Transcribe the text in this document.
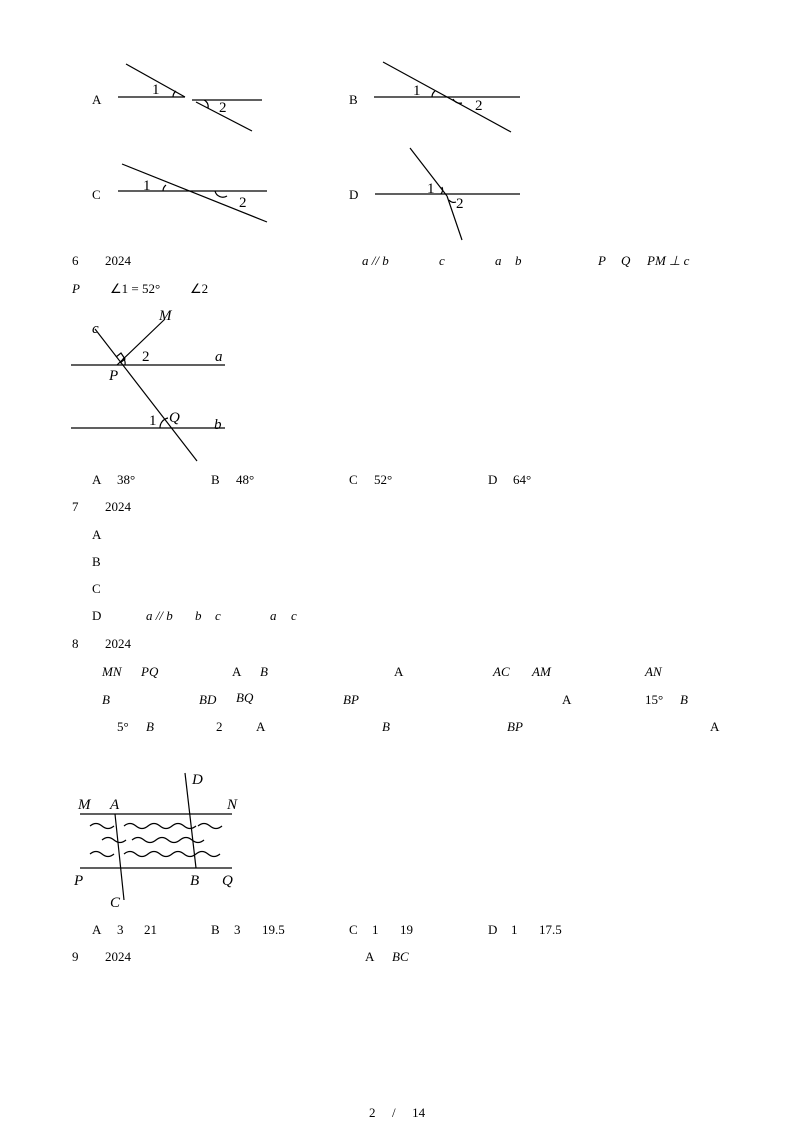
A
1
2
B
1
2
C
1
2
D	1
2
6 2024	a // b	c	a b	P Q PM ⊥ c
P ∠1 = 52° ∠2
c
M
2	a
P
1 Q b
A 38°	B 48°	C 52°	D 64°
7 2024
A
B
C
D	a // b b c	a c
8 2024
MN PQ	A B	A	AC AM	AN
B	BD BQ	BP	A	15° B
5° B	2	A	B	BP	A
M A	N
D
P	B Q
C
A 3 21	B 3 19.5	C 1 19	D 1 17.5
9 2024	A BC
2 / 14
